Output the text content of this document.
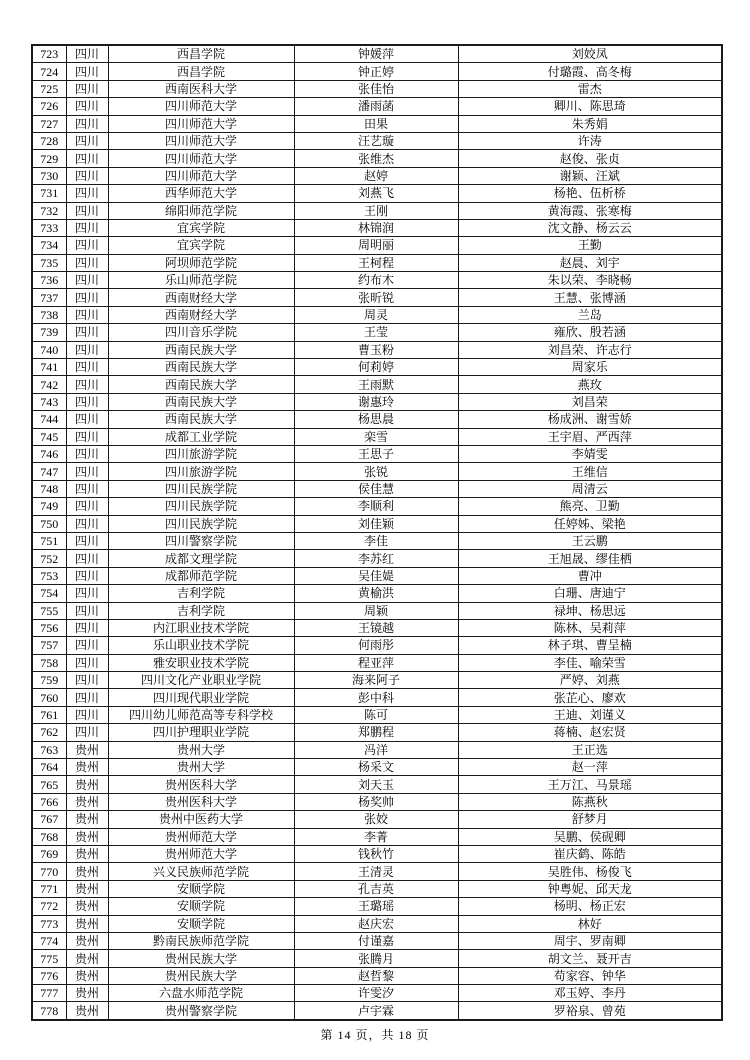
723	四川	西昌学院	钟媛萍	刘姣凤
724	四川	西昌学院	钟正婷	付璐霞、高冬梅
725	四川	西南医科大学	张佳怡	雷杰
726	四川	四川师范大学	潘雨菡	卿川、陈思琦
727	四川	四川师范大学	田果	朱秀娟
728	四川	四川师范大学	汪艺璇	许涛
729	四川	四川师范大学	张维杰	赵俊、张贞
730	四川	四川师范大学	赵婷	谢颖、汪斌
731	四川	西华师范大学	刘燕飞	杨艳、伍析桥
732	四川	绵阳师范学院	王刚	黄海霞、张寒梅
733	四川	宜宾学院	林锦润	沈文静、杨云云
734	四川	宜宾学院	周明丽	王勤
735	四川	阿坝师范学院	王柯程	赵晨、刘宇
736	四川	乐山师范学院	约布木	朱以荣、李晓畅
737	四川	西南财经大学	张昕锐	王慧、张博涵
738	四川	西南财经大学	周灵	兰岛
739	四川	四川音乐学院	王莹	雍欣、殷若涵
740	四川	西南民族大学	曹玉粉	刘昌荣、许志行
741	四川	西南民族大学	何莉婷	周家乐
742	四川	西南民族大学	王雨默	燕玫
743	四川	西南民族大学	谢惠玲	刘昌荣
744	四川	西南民族大学	杨思晨	杨成洲、谢雪娇
745	四川	成都工业学院	栾雪	王宇眉、严西萍
746	四川	四川旅游学院	王思子	李婧雯
747	四川	四川旅游学院	张锐	王维信
748	四川	四川民族学院	侯佳慧	周清云
749	四川	四川民族学院	李顺利	熊亮、卫勤
750	四川	四川民族学院	刘佳颖	任婷姊、梁艳
751	四川	四川警察学院	李佳	王云鹏
752	四川	成都文理学院	李苏红	王旭晟、缪佳栖
753	四川	成都师范学院	吴佳媞	曹冲
754	四川	吉利学院	黄榆洪	白珊、唐迪宁
755	四川	吉利学院	周颖	禄坤、杨思远
756	四川	内江职业技术学院	王镜越	陈林、吴莉萍
757	四川	乐山职业技术学院	何雨彤	林子琪、曹呈楠
758	四川	雅安职业技术学院	程亚萍	李佳、喻荣雪
759	四川	四川文化产业职业学院	海来阿子	严婷、刘燕
760	四川	四川现代职业学院	彭中科	张芷心、廖欢
761	四川	四川幼儿师范高等专科学校	陈可	王迪、刘谨义
762	四川	四川护理职业学院	郑鹏程	蒋楠、赵宏贤
763	贵州	贵州大学	冯洋	王正选
764	贵州	贵州大学	杨采文	赵一萍
765	贵州	贵州医科大学	刘天玉	王万江、马景瑶
766	贵州	贵州医科大学	杨奖帅	陈燕秋
767	贵州	贵州中医药大学	张姣	舒梦月
768	贵州	贵州师范大学	李菁	吴鹏、侯砚卿
769	贵州	贵州师范大学	钱秋竹	崔庆鹤、陈皓
770	贵州	兴义民族师范学院	王清灵	吴胜伟、杨俊飞
771	贵州	安顺学院	孔吉英	钟粤妮、邱天龙
772	贵州	安顺学院	王璐瑶	杨明、杨正宏
773	贵州	安顺学院	赵庆宏	林好
774	贵州	黔南民族师范学院	付谨嘉	周宇、罗南卿
775	贵州	贵州民族大学	张腾月	胡文兰、聂开吉
776	贵州	贵州民族大学	赵哲黎	苟家容、钟华
777	贵州	六盘水师范学院	许雯汐	邓玉婷、李丹
778	贵州	贵州警察学院	卢宇霖	罗裕泉、曾苑
第 14 页，共 18 页
